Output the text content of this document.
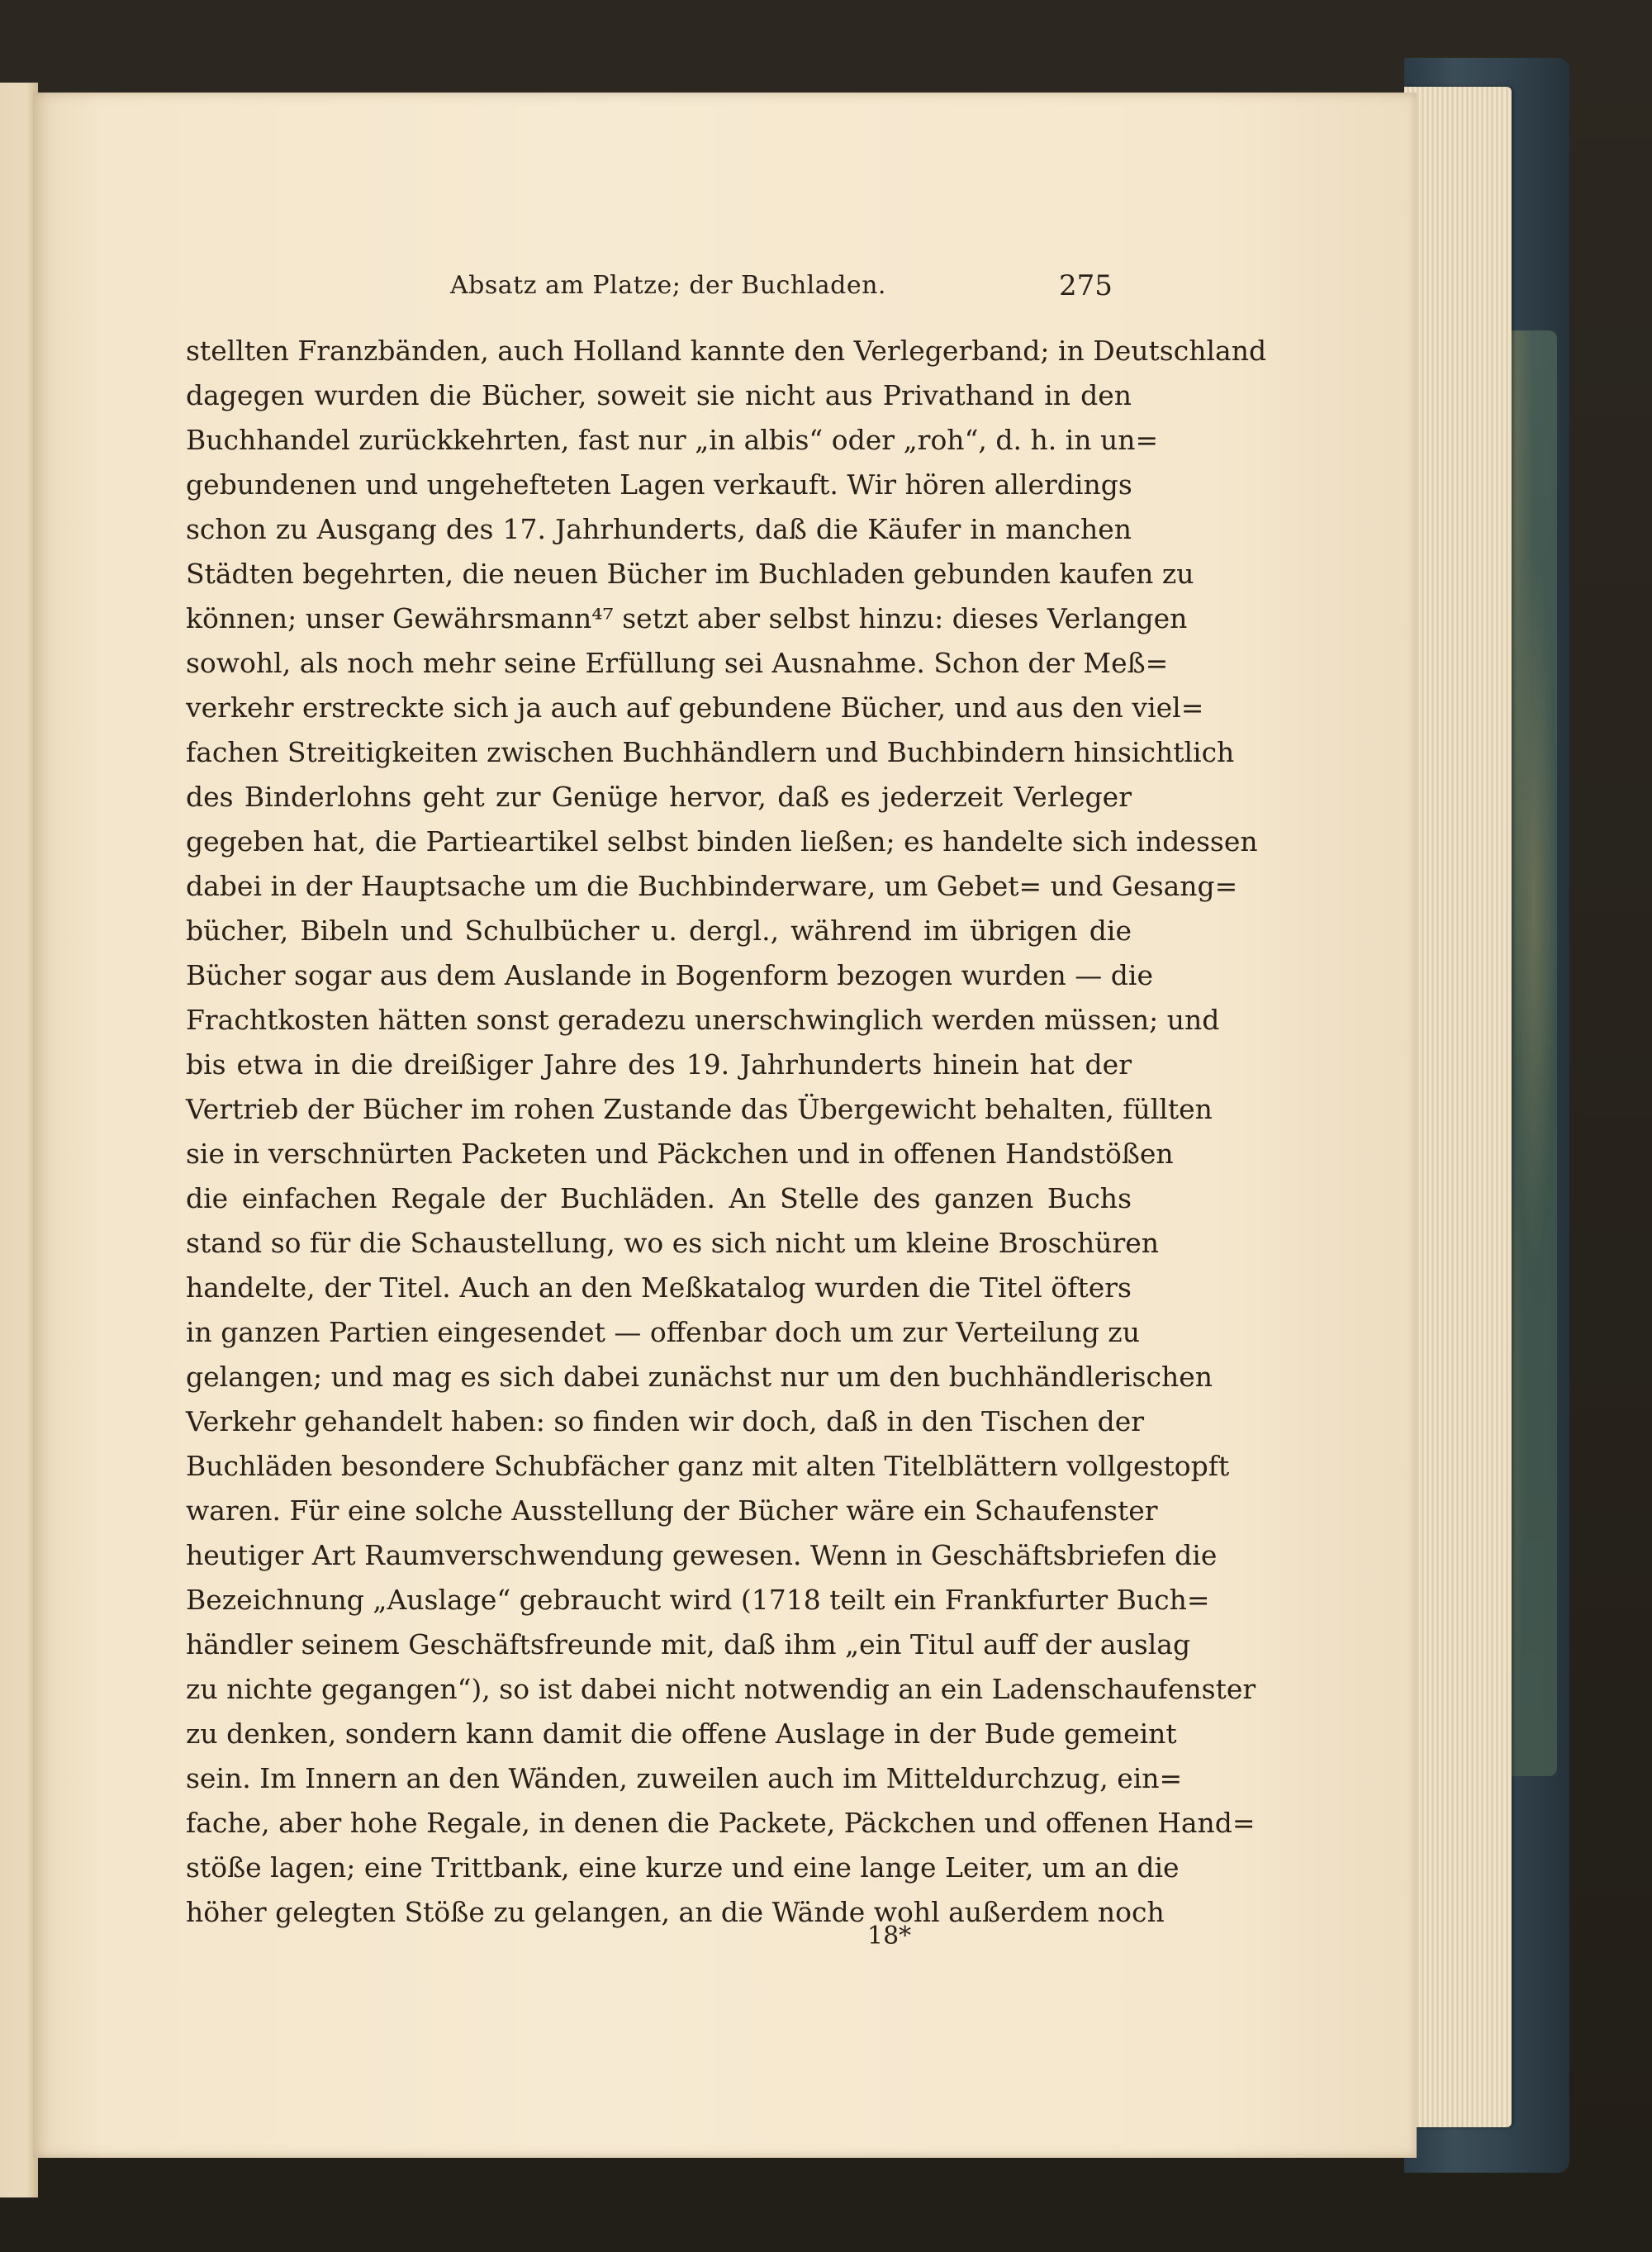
Absatz am Platze; der Buchladen.	275
stellten Franzbänden, auch Holland kannte den Verlegerband; in Deutschland
dagegen wurden die Bücher, soweit sie nicht aus Privathand in den
Buchhandel zurückkehrten, fast nur „in albis“ oder „roh“, d. h. in un=
gebundenen und ungehefteten Lagen verkauft. Wir hören allerdings
schon zu Ausgang des 17. Jahrhunderts, daß die Käufer in manchen
Städten begehrten, die neuen Bücher im Buchladen gebunden kaufen zu
können; unser Gewährsmann⁴⁷ setzt aber selbst hinzu: dieses Verlangen
sowohl, als noch mehr seine Erfüllung sei Ausnahme. Schon der Meß=
verkehr erstreckte sich ja auch auf gebundene Bücher, und aus den viel=
fachen Streitigkeiten zwischen Buchhändlern und Buchbindern hinsichtlich
des Binderlohns geht zur Genüge hervor, daß es jederzeit Verleger
gegeben hat, die Partieartikel selbst binden ließen; es handelte sich indessen
dabei in der Hauptsache um die Buchbinderware, um Gebet= und Gesang=
bücher, Bibeln und Schulbücher u. dergl., während im übrigen die
Bücher sogar aus dem Auslande in Bogenform bezogen wurden — die
Frachtkosten hätten sonst geradezu unerschwinglich werden müssen; und
bis etwa in die dreißiger Jahre des 19. Jahrhunderts hinein hat der
Vertrieb der Bücher im rohen Zustande das Übergewicht behalten, füllten
sie in verschnürten Packeten und Päckchen und in offenen Handstößen
die einfachen Regale der Buchläden. An Stelle des ganzen Buchs
stand so für die Schaustellung, wo es sich nicht um kleine Broschüren
handelte, der Titel. Auch an den Meßkatalog wurden die Titel öfters
in ganzen Partien eingesendet — offenbar doch um zur Verteilung zu
gelangen; und mag es sich dabei zunächst nur um den buchhändlerischen
Verkehr gehandelt haben: so finden wir doch, daß in den Tischen der
Buchläden besondere Schubfächer ganz mit alten Titelblättern vollgestopft
waren. Für eine solche Ausstellung der Bücher wäre ein Schaufenster
heutiger Art Raumverschwendung gewesen. Wenn in Geschäftsbriefen die
Bezeichnung „Auslage“ gebraucht wird (1718 teilt ein Frankfurter Buch=
händler seinem Geschäftsfreunde mit, daß ihm „ein Titul auff der auslag
zu nichte gegangen“), so ist dabei nicht notwendig an ein Ladenschaufenster
zu denken, sondern kann damit die offene Auslage in der Bude gemeint
sein. Im Innern an den Wänden, zuweilen auch im Mitteldurchzug, ein=
fache, aber hohe Regale, in denen die Packete, Päckchen und offenen Hand=
stöße lagen; eine Trittbank, eine kurze und eine lange Leiter, um an die
höher gelegten Stöße zu gelangen, an die Wände wohl außerdem noch
18*
